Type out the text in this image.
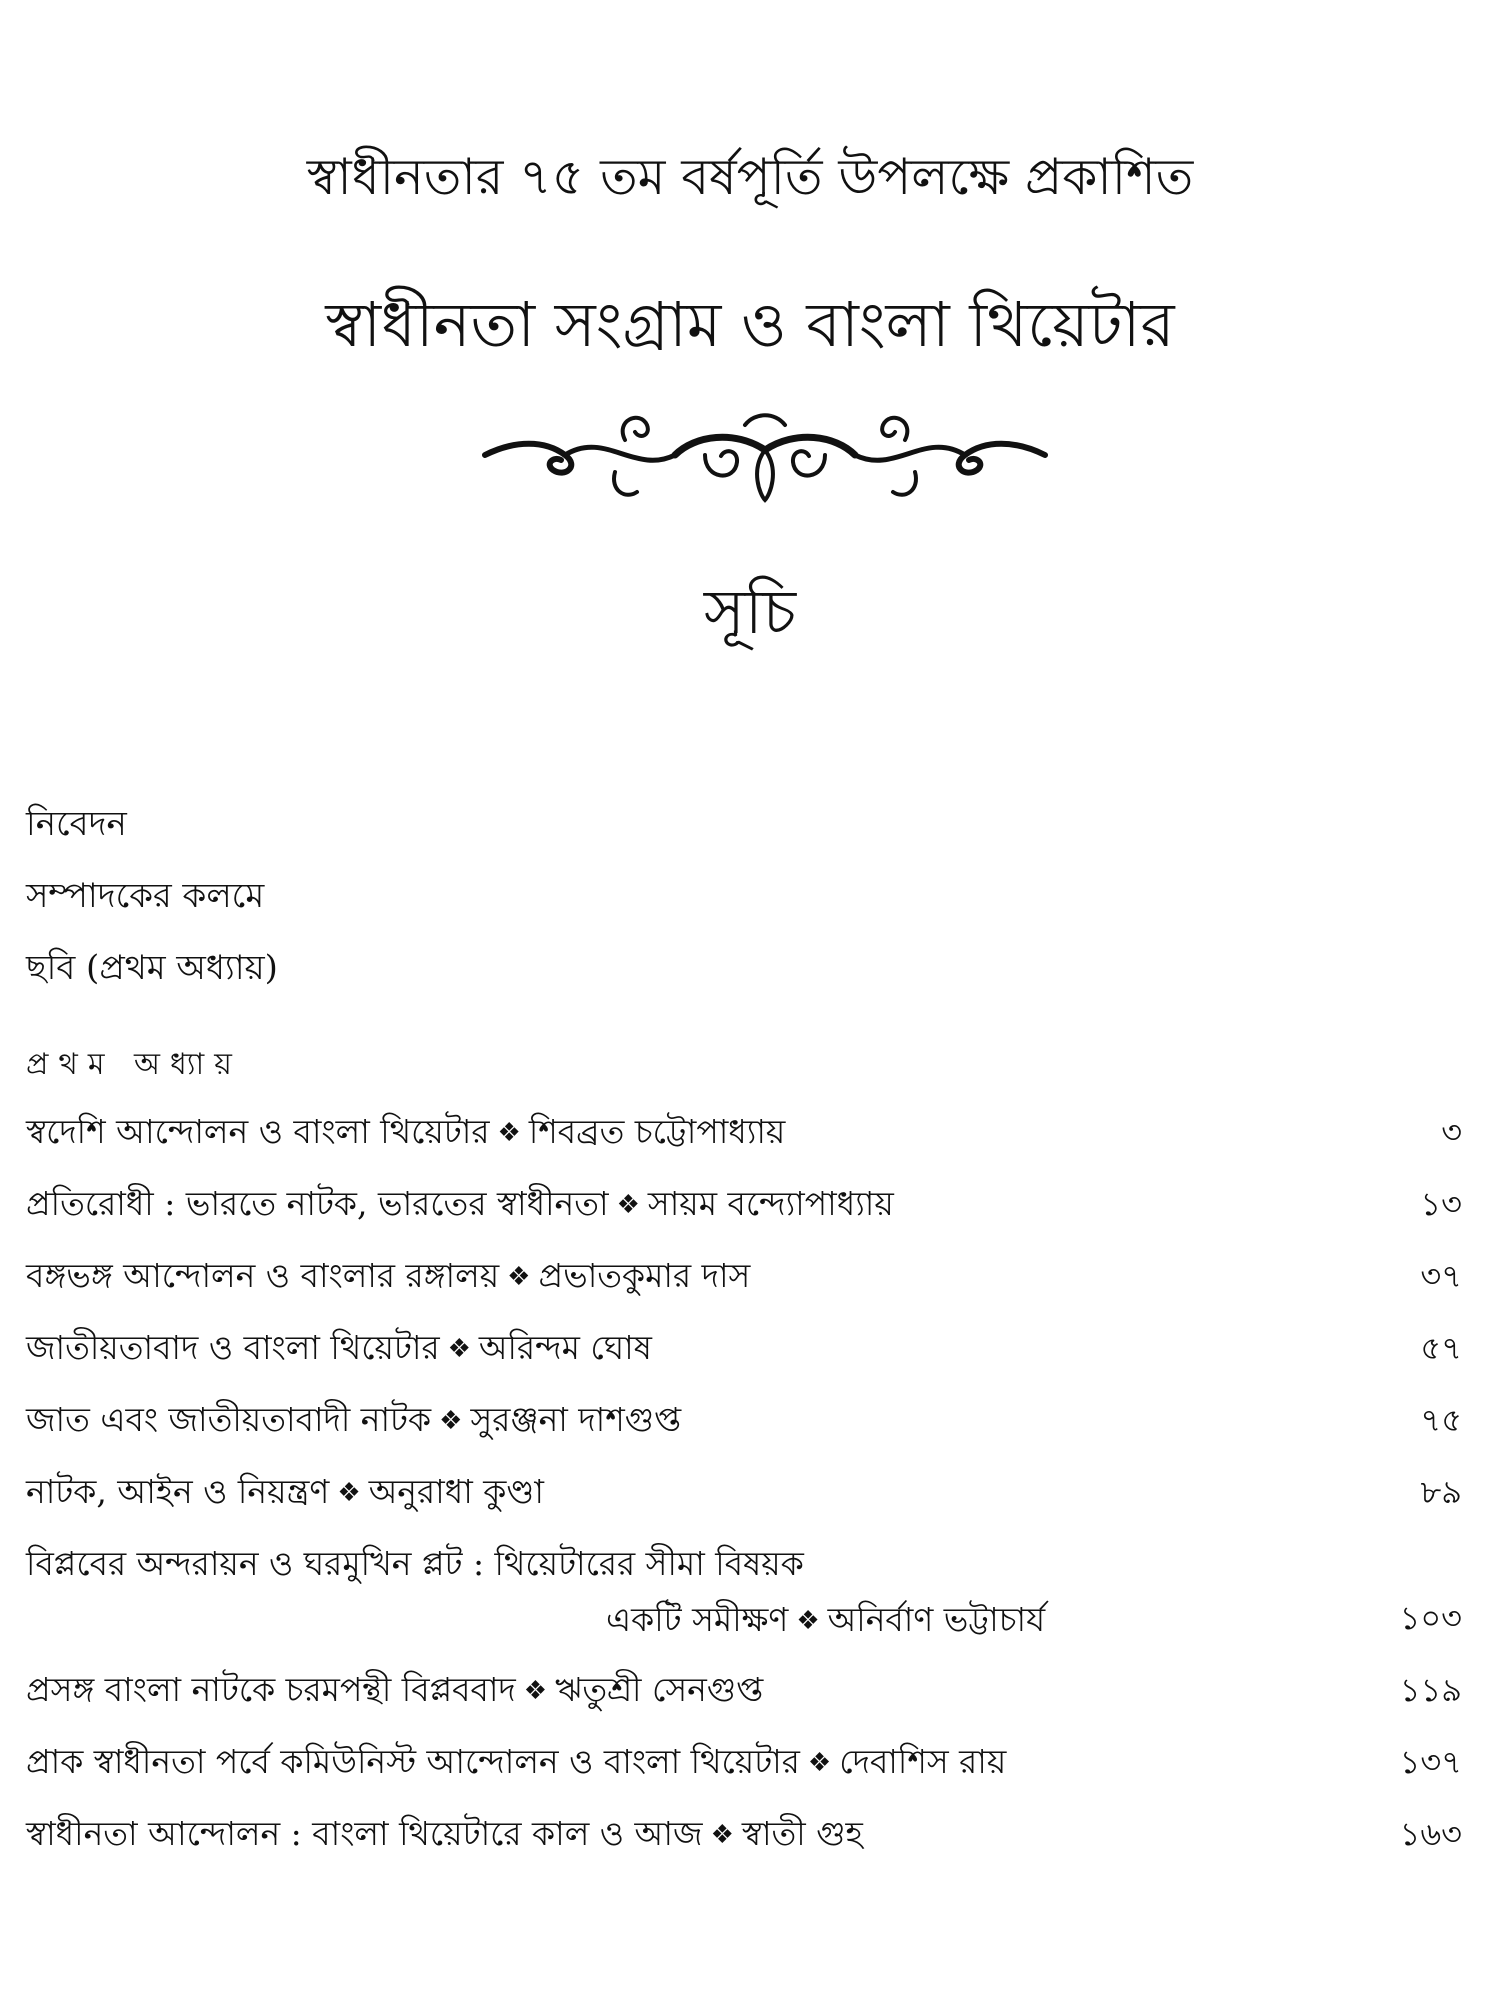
স্বাধীনতার ৭৫ তম বর্ষপূর্তি উপলক্ষে প্রকাশিত
স্বাধীনতা সংগ্রাম ও বাংলা থিয়েটার
সূচি
নিবেদন
সম্পাদকের কলমে
ছবি (প্রথম অধ্যায়)
প্রথম অধ্যায়
স্বদেশি আন্দোলন ও বাংলা থিয়েটার ❖ শিবব্রত চট্টোপাধ্যায়	৩
প্রতিরোধী : ভারতে নাটক, ভারতের স্বাধীনতা ❖ সায়ম বন্দ্যোপাধ্যায়	১৩
বঙ্গভঙ্গ আন্দোলন ও বাংলার রঙ্গালয় ❖ প্রভাতকুমার দাস	৩৭
জাতীয়তাবাদ ও বাংলা থিয়েটার ❖ অরিন্দম ঘোষ	৫৭
জাত এবং জাতীয়তাবাদী নাটক ❖ সুরঞ্জনা দাশগুপ্ত	৭৫
নাটক, আইন ও নিয়ন্ত্রণ ❖ অনুরাধা কুণ্ডা	৮৯
বিপ্লবের অন্দরায়ন ও ঘরমুখিন প্লট : থিয়েটারের সীমা বিষয়ক
একটি সমীক্ষণ ❖ অনির্বাণ ভট্টাচার্য	১০৩
প্রসঙ্গ বাংলা নাটকে চরমপন্থী বিপ্লববাদ ❖ ঋতুশ্রী সেনগুপ্ত	১১৯
প্রাক স্বাধীনতা পর্বে কমিউনিস্ট আন্দোলন ও বাংলা থিয়েটার ❖ দেবাশিস রায়	১৩৭
স্বাধীনতা আন্দোলন : বাংলা থিয়েটারে কাল ও আজ ❖ স্বাতী গুহ	১৬৩
